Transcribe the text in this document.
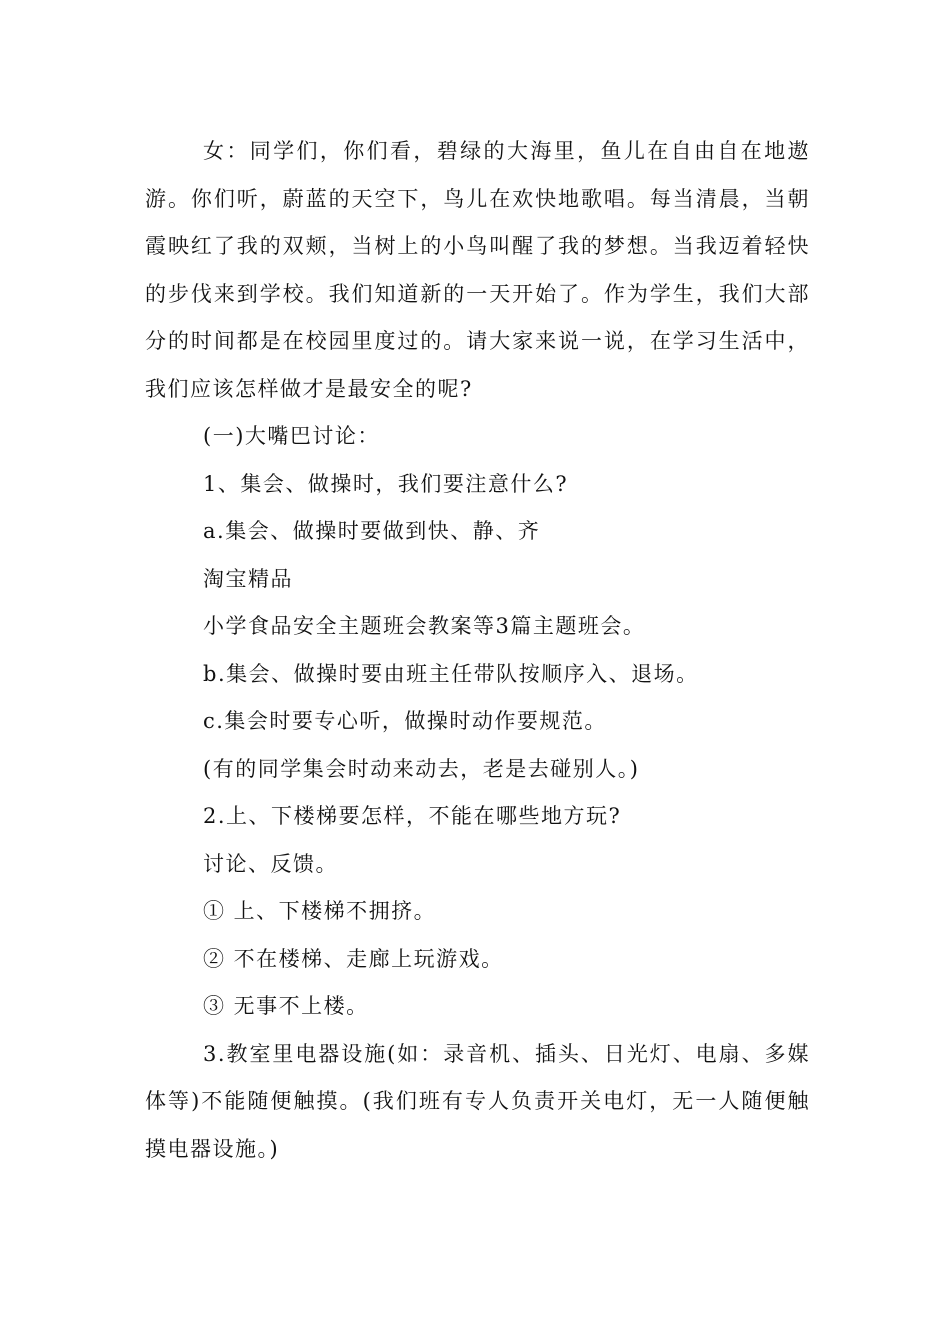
女：同学们，你们看，碧绿的大海里，鱼儿在自由自在地遨游。你们听，蔚蓝的天空下，鸟儿在欢快地歌唱。每当清晨，当朝霞映红了我的双颊，当树上的小鸟叫醒了我的梦想。当我迈着轻快的步伐来到学校。我们知道新的一天开始了。作为学生，我们大部分的时间都是在校园里度过的。请大家来说一说，在学习生活中，我们应该怎样做才是最安全的呢?

(一)大嘴巴讨论：

1、集会、做操时，我们要注意什么?

a.集会、做操时要做到快、静、齐

淘宝精品

小学食品安全主题班会教案等3篇主题班会。

b.集会、做操时要由班主任带队按顺序入、退场。

c.集会时要专心听，做操时动作要规范。

(有的同学集会时动来动去，老是去碰别人。)

2.上、下楼梯要怎样，不能在哪些地方玩?

讨论、反馈。

① 上、下楼梯不拥挤。

② 不在楼梯、走廊上玩游戏。

③ 无事不上楼。

3.教室里电器设施(如：录音机、插头、日光灯、电扇、多媒体等)不能随便触摸。(我们班有专人负责开关电灯，无一人随便触摸电器设施。)
